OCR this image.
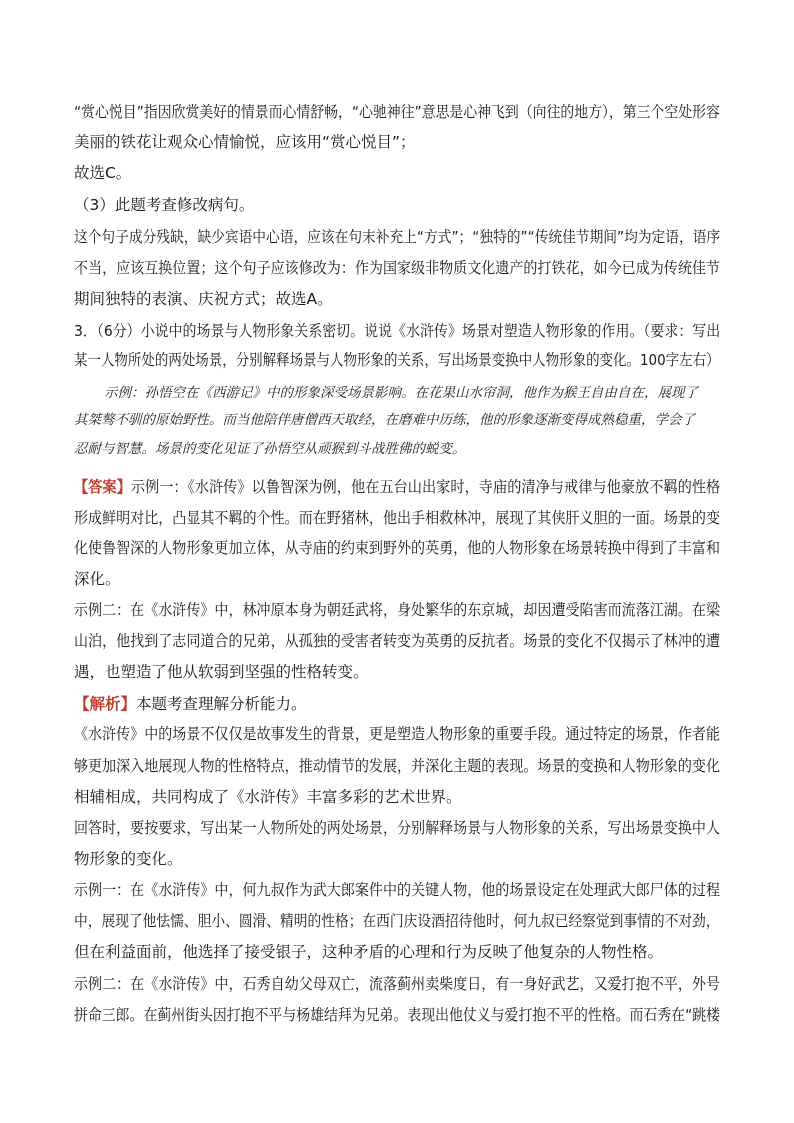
“赏心悦目”指因欣赏美好的情景而心情舒畅，“心驰神往”意思是心神飞到（向往的地方），第三个空处形容
美丽的铁花让观众心情愉悦，应该用“赏心悦目”；
故选C。
（3）此题考查修改病句。
这个句子成分残缺，缺少宾语中心语，应该在句末补充上“方式”；“独特的”“传统佳节期间”均为定语，语序
不当，应该互换位置；这个句子应该修改为：作为国家级非物质文化遗产的打铁花，如今已成为传统佳节
期间独特的表演、庆祝方式；故选A。
3．（6分）小说中的场景与人物形象关系密切。说说《水浒传》场景对塑造人物形象的作用。（要求：写出
某一人物所处的两处场景，分别解释场景与人物形象的关系，写出场景变换中人物形象的变化。100字左右）
示例：孙悟空在《西游记》中的形象深受场景影响。在花果山水帘洞，他作为猴王自由自在，展现了
其桀骜不驯的原始野性。而当他陪伴唐僧西天取经，在磨难中历练，他的形象逐渐变得成熟稳重，学会了
忍耐与智慧。场景的变化见证了孙悟空从顽猴到斗战胜佛的蜕变。
【答案】示例一：《水浒传》以鲁智深为例，他在五台山出家时，寺庙的清净与戒律与他豪放不羁的性格
形成鲜明对比，凸显其不羁的个性。而在野猪林，他出手相救林冲，展现了其侠肝义胆的一面。场景的变
化使鲁智深的人物形象更加立体，从寺庙的约束到野外的英勇，他的人物形象在场景转换中得到了丰富和
深化。
示例二：在《水浒传》中，林冲原本身为朝廷武将，身处繁华的东京城，却因遭受陷害而流落江湖。在梁
山泊，他找到了志同道合的兄弟，从孤独的受害者转变为英勇的反抗者。场景的变化不仅揭示了林冲的遭
遇，也塑造了他从软弱到坚强的性格转变。
【解析】本题考查理解分析能力。
《水浒传》中的场景不仅仅是故事发生的背景，更是塑造人物形象的重要手段。通过特定的场景，作者能
够更加深入地展现人物的性格特点，推动情节的发展，并深化主题的表现。场景的变换和人物形象的变化
相辅相成，共同构成了《水浒传》丰富多彩的艺术世界。
回答时，要按要求，写出某一人物所处的两处场景，分别解释场景与人物形象的关系，写出场景变换中人
物形象的变化。
示例一：在《水浒传》中，何九叔作为武大郎案件中的关键人物，他的场景设定在处理武大郎尸体的过程
中，展现了他怯懦、胆小、圆滑、精明的性格；在西门庆设酒招待他时，何九叔已经察觉到事情的不对劲，
但在利益面前，他选择了接受银子，这种矛盾的心理和行为反映了他复杂的人物性格。
示例二：在《水浒传》中，石秀自幼父母双亡，流落蓟州卖柴度日，有一身好武艺，又爱打抱不平，外号
拼命三郎。在蓟州街头因打抱不平与杨雄结拜为兄弟。表现出他仗义与爱打抱不平的性格。而石秀在“跳楼
